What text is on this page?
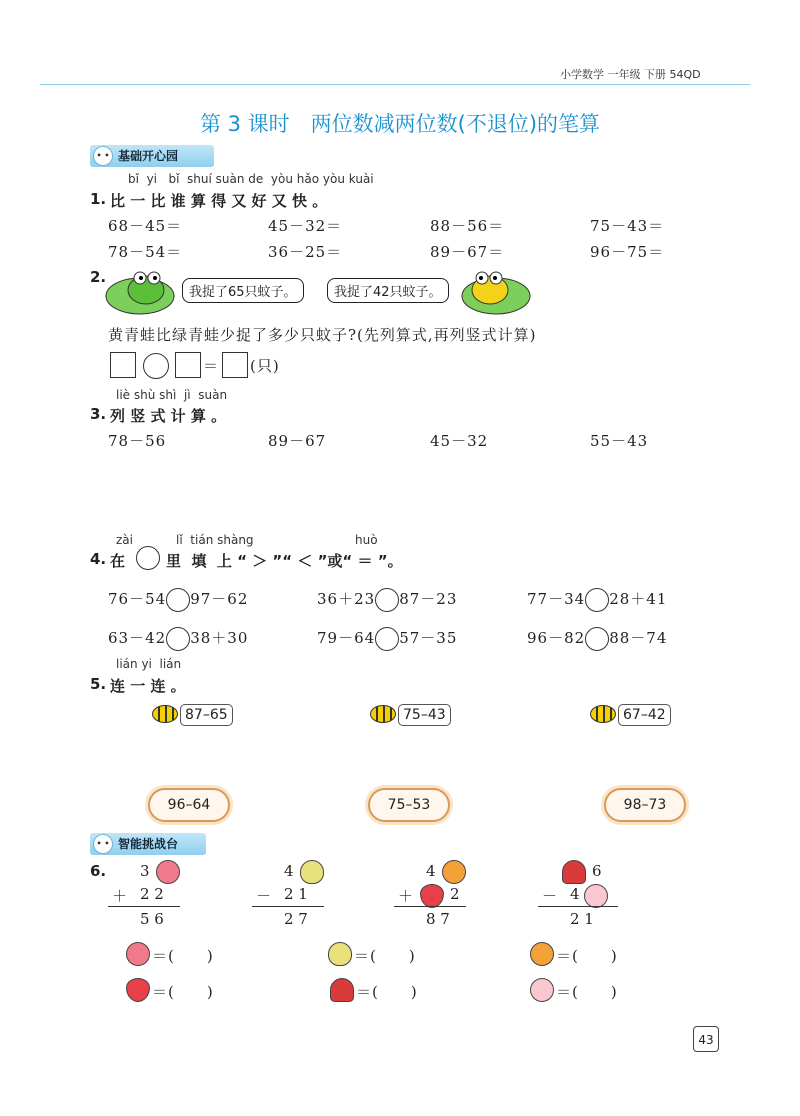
小学数学 一年级 下册 54QD
第 3 课时　两位数减两位数(不退位)的笔算
• • 基础开心园
bǐ  yi   bǐ  shuí suàn de  yòu hǎo yòu kuài
1. 比 一 比 谁 算 得 又 好 又 快 。
68－45＝	45－32＝	88－56＝	75－43＝
78－54＝	36－25＝	89－67＝	96－75＝
2.
我捉了65只蚊子。	我捉了42只蚊子。
黄青蛙比绿青蛙少捉了多少只蚊子?(先列算式,再列竖式计算)
＝ (只)
liè shù shì  jì  suàn
3. 列 竖 式 计 算 。
78－56	89－67	45－32	55－43
zài	lǐ  tián shàng	huò
4. 在	里  填  上 “ ＞ ”“ ＜ ”或“ ＝ ”。
76－54 97－62	36＋23 87－23	77－34 28＋41
63－42 38＋30	79－64 57－35	96－82 88－74
lián yi  lián
5. 连 一 连 。
87–65	75–43	67–42
96–64	75–53	98–73
• • 智能挑战台
6. 3
＋ 2 2
5 6
4
－ 2 1
2 7
4
＋ 2
8 7
6
－ 4
2 1
＝(　　)	＝(　　)	＝(　　)
＝(　　)	＝(　　)	＝(　　)
43
